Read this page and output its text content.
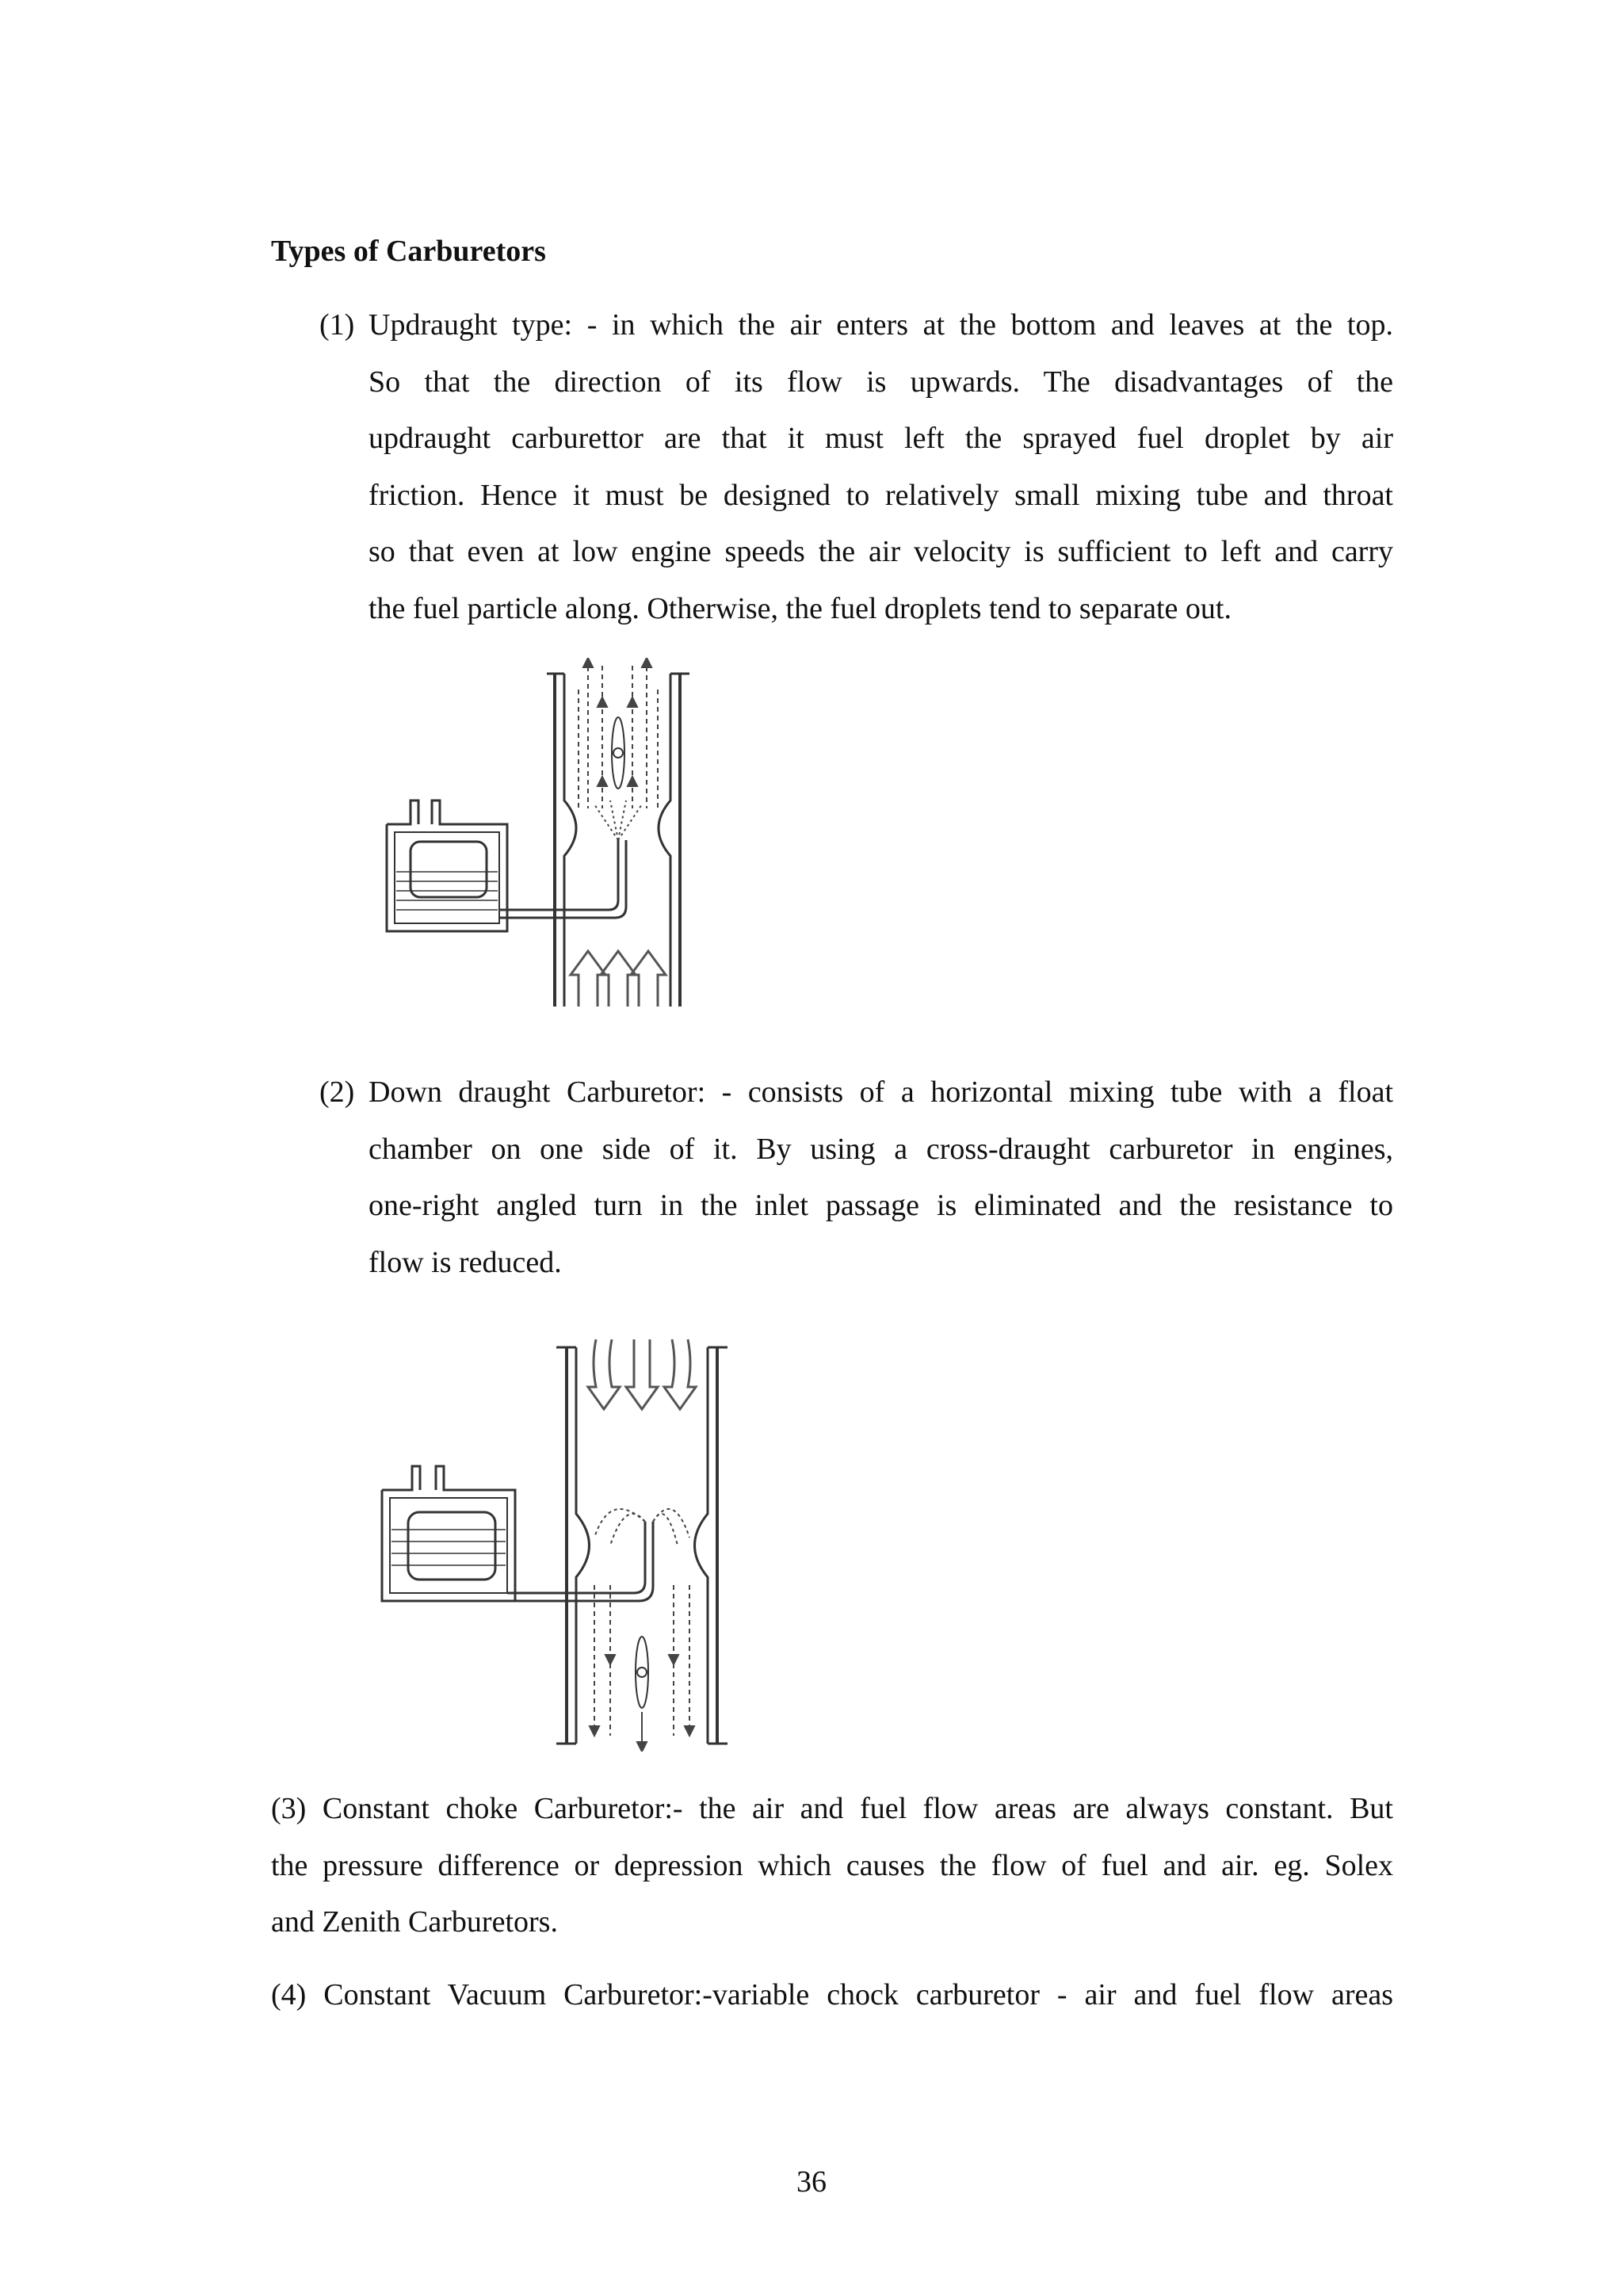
Types of Carburetors
(1) Updraught type: - in which the air enters at the bottom and leaves at the top.
So that the direction of its flow is upwards. The disadvantages of the
updraught carburettor are that it must left the sprayed fuel droplet by air
friction. Hence it must be designed to relatively small mixing tube and throat
so that even at low engine speeds the air velocity is sufficient to left and carry
the fuel particle along. Otherwise, the fuel droplets tend to separate out.
(2) Down draught Carburetor: - consists of a horizontal mixing tube with a float
chamber on one side of it. By using a cross-draught carburetor in engines,
one-right angled turn in the inlet passage is eliminated and the resistance to
flow is reduced.
(3) Constant choke Carburetor:- the air and fuel flow areas are always constant. But
the pressure difference or depression which causes the flow of fuel and air. eg. Solex
and Zenith Carburetors.
(4) Constant Vacuum Carburetor:-variable chock carburetor - air and fuel flow areas
36
